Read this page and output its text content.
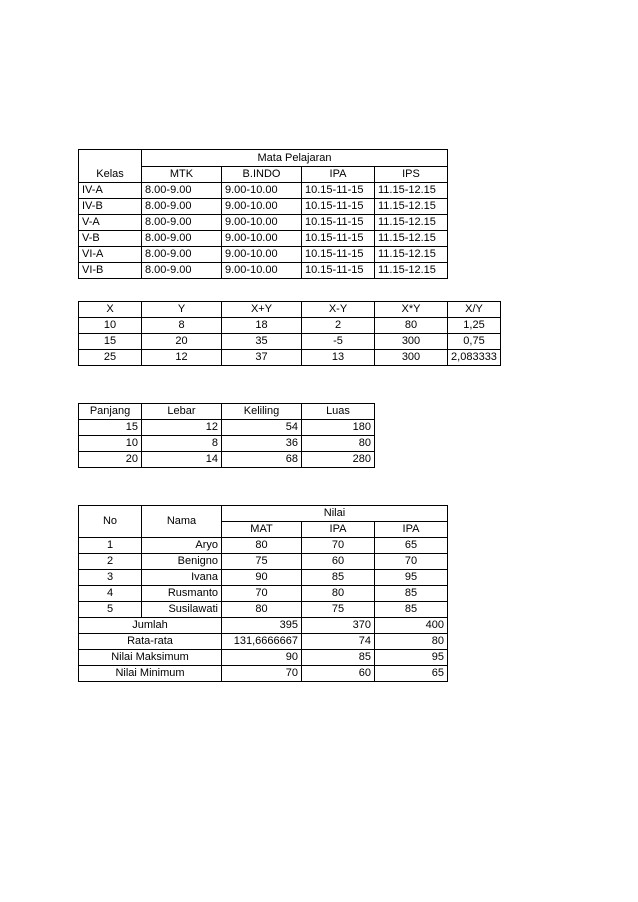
	Mata Pelajaran			
Kelas	MTK	B.INDO	IPA	IPS
IV-A	8.00-9.00	9.00-10.00	10.15-11-15	11.15-12.15
IV-B	8.00-9.00	9.00-10.00	10.15-11-15	11.15-12.15
V-A	8.00-9.00	9.00-10.00	10.15-11-15	11.15-12.15
V-B	8.00-9.00	9.00-10.00	10.15-11-15	11.15-12.15
VI-A	8.00-9.00	9.00-10.00	10.15-11-15	11.15-12.15
VI-B	8.00-9.00	9.00-10.00	10.15-11-15	11.15-12.15
X	Y	X+Y	X-Y	X*Y	X/Y
10	8	18	2	80	1,25
15	20	35	-5	300	0,75
25	12	37	13	300	2,083333
Panjang	Lebar	Keliling	Luas
15	12	54	180
10	8	36	80
20	14	68	280
No	Nama	Nilai		
		MAT	IPA	IPA
1	Aryo	80	70	65
2	Benigno	75	60	70
3	Ivana	90	85	95
4	Rusmanto	70	80	85
5	Susilawati	80	75	85
Jumlah		395	370	400
Rata-rata		131,6666667	74	80
Nilai Maksimum		90	85	95
Nilai Minimum		70	60	65
